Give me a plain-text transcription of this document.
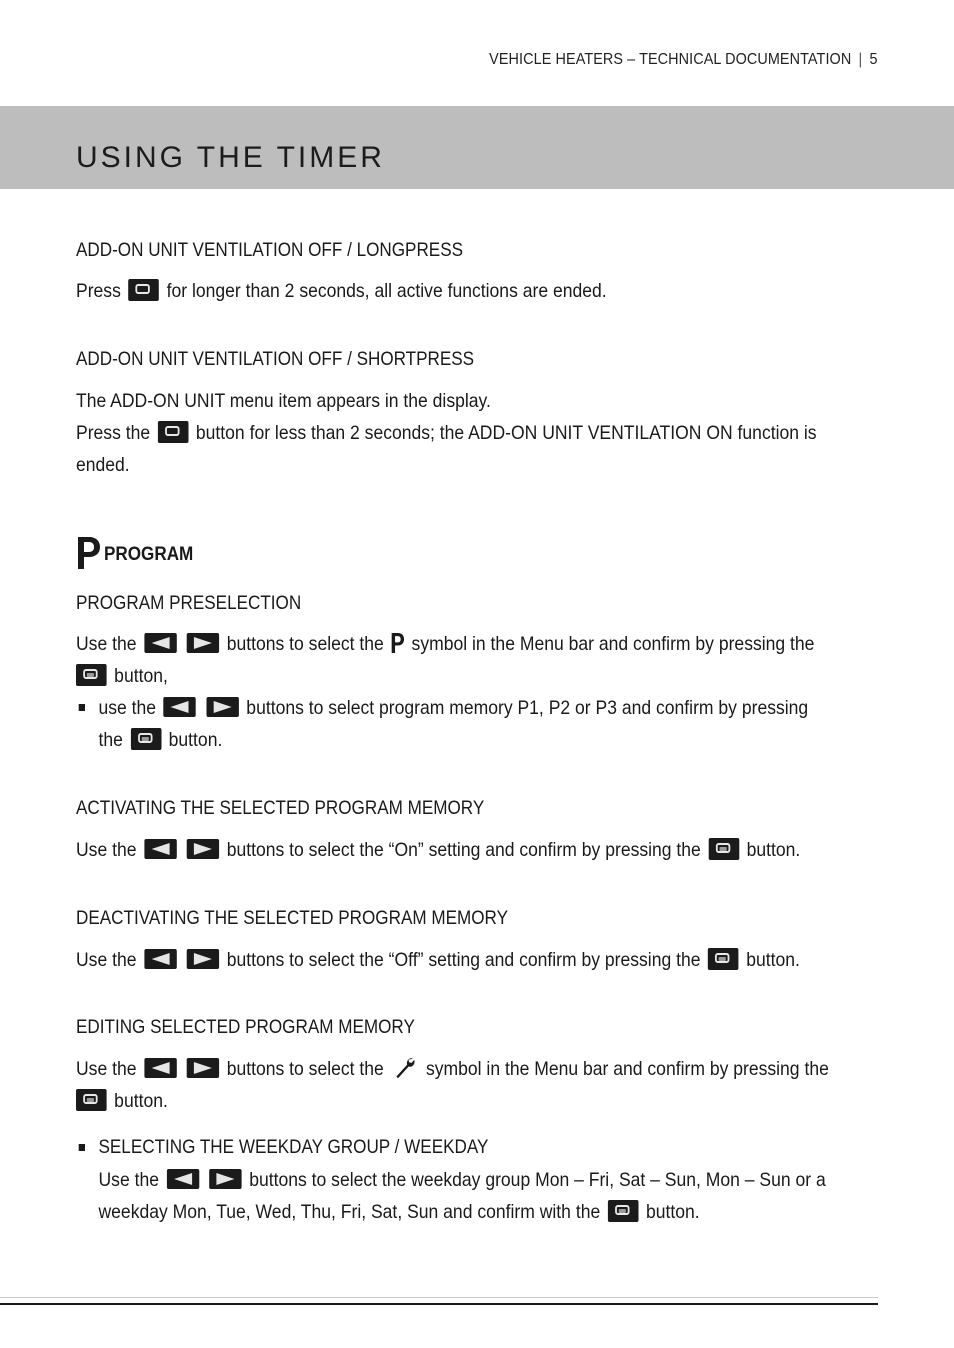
VEHICLE HEATERS – TECHNICAL DOCUMENTATION | 5
USING THE TIMER
ADD-ON UNIT VENTILATION OFF / LONGPRESS
Press for longer than 2 seconds, all active functions are ended.
ADD-ON UNIT VENTILATION OFF / SHORTPRESS
The ADD-ON UNIT menu item appears in the display.
Press the button for less than 2 seconds; the ADD-ON UNIT VENTILATION ON function is
ended.
PROGRAM
PROGRAM PRESELECTION
Use the
	buttons to select the symbol in the Menu bar and confirm by pressing the
button,
use the
	buttons to select program memory P1, P2 or P3 and confirm by pressing
the button.
ACTIVATING THE SELECTED PROGRAM MEMORY
Use the
	buttons to select the “On” setting and confirm by pressing the button.
DEACTIVATING THE SELECTED PROGRAM MEMORY
Use the
	buttons to select the “Off” setting and confirm by pressing the button.
EDITING SELECTED PROGRAM MEMORY
Use the
	buttons to select the symbol in the Menu bar and confirm by pressing the
button.
SELECTING THE WEEKDAY GROUP / WEEKDAY
Use the
	buttons to select the weekday group Mon – Fri, Sat – Sun, Mon – Sun or a
weekday Mon, Tue, Wed, Thu, Fri, Sat, Sun and confirm with the button.
